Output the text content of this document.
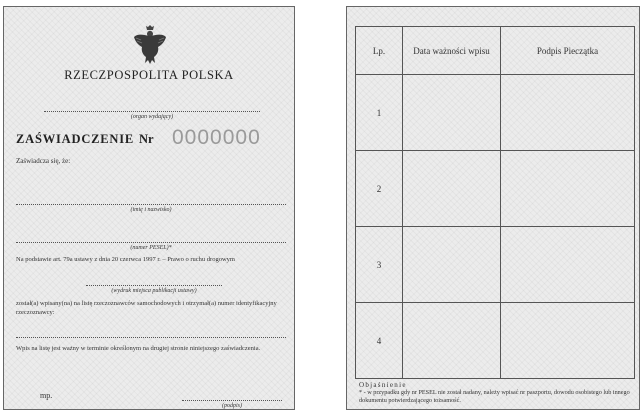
RZECZPOSPOLITA POLSKA
(organ wydający)
ZAŚWIADCZENIE Nr 0000000
Zaświadcza się, że:
(imię i nazwisko)
(numer PESEL)*
Na podstawie art. 79a ustawy z dnia 20 czerwca 1997 r. – Prawo o ruchu drogowym
(wydruk miejsca publikacji ustawy)
został(a) wpisany(na) na listę rzeczoznawców samochodowych i otrzymał(a) numer identyfikacyjny rzeczoznawcy:
Wpis na listę jest ważny w terminie określonym na drugiej stronie niniejszego zaświadczenia.
mp.
(podpis)
Lp.	Data ważności wpisu	Podpis Pieczątka
1		
2		
3		
4		
Objaśnienie
* - w przypadku gdy nr PESEL nie został nadany, należy wpisać nr paszportu, dowodu osobistego lub innego dokumentu potwierdzającego tożsamość.
